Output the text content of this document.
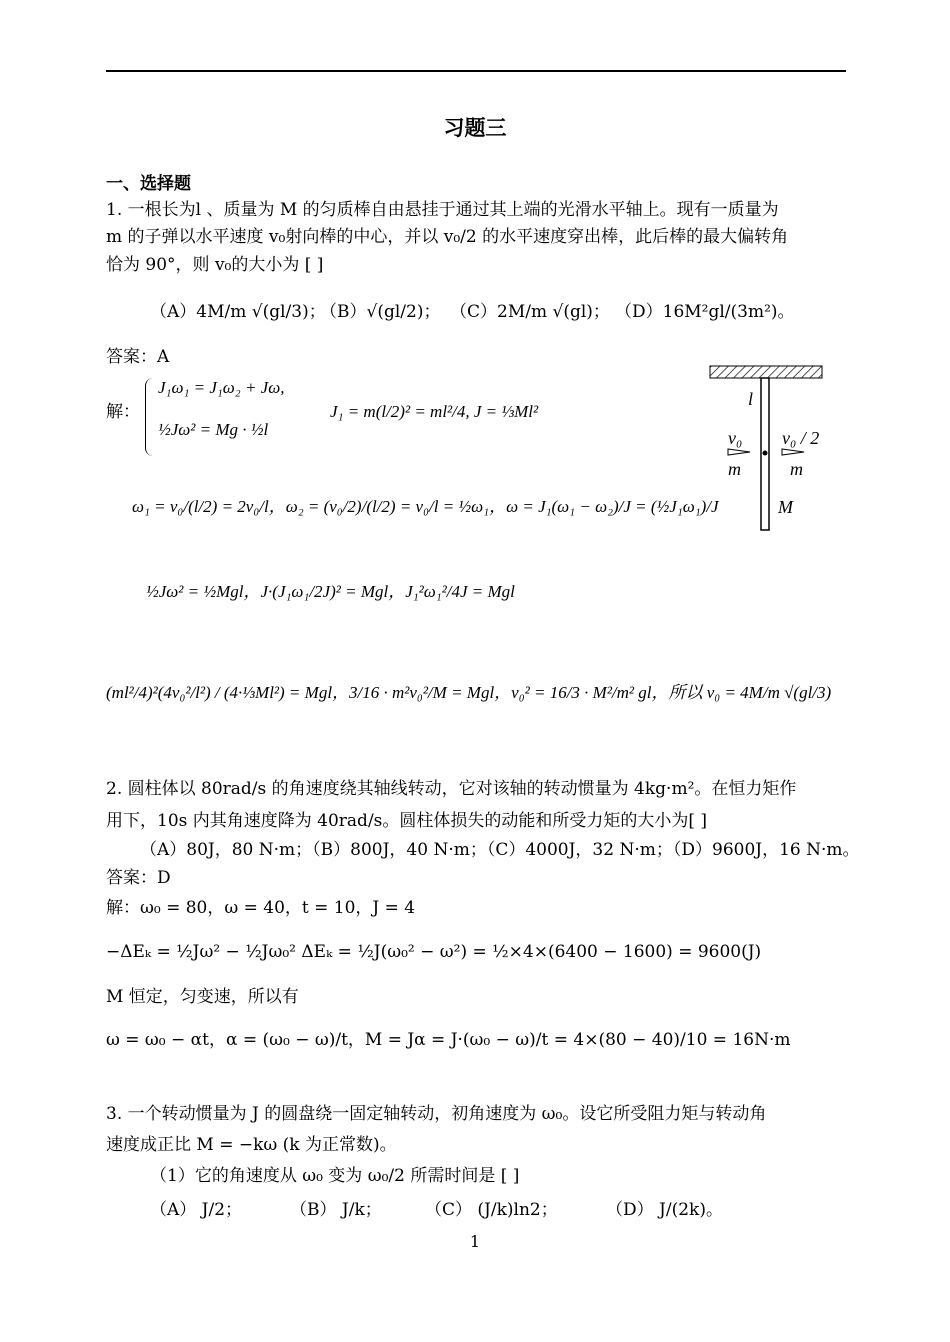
习题三
一、选择题
1. 一根长为l 、质量为 M 的匀质棒自由悬挂于通过其上端的光滑水平轴上。现有一质量为
m 的子弹以水平速度 v₀射向棒的中心，并以 v₀/2 的水平速度穿出棒，此后棒的最大偏转角
恰为 90°，则 v₀的大小为 [ ]
（A）4M/m √(gl/3)；
（B）√(gl/2)； （C）2M/m √(gl)； （D）16M²gl/(3m²)。
答案：A
解：
J₁ω₁ = J₁ω₂ + Jω,
½Jω² = Mg · ½l
J₁ = m(l/2)² = ml²/4, J = ⅓Ml²
ω₁ = v₀/(l/2) = 2v₀/l，ω₂ = (v₀/2)/(l/2) = v₀/l = ½ω₁，ω = J₁(ω₁ − ω₂)/J = (½J₁ω₁)/J
½Jω² = ½Mgl，J·(J₁ω₁/2J)² = Mgl，J₁²ω₁²/4J = Mgl
(ml²/4)²(4v₀²/l²) / (4·⅓Ml²) = Mgl，3/16 · m²v₀²/M = Mgl，v₀² = 16/3 · M²/m² gl，所以 v₀ = 4M/m √(gl/3)
l
v₀ v₀ / 2
m	m
M
2. 圆柱体以 80rad/s 的角速度绕其轴线转动，它对该轴的转动惯量为 4kg·m²。在恒力矩作
用下，10s 内其角速度降为 40rad/s。圆柱体损失的动能和所受力矩的大小为[ ]
（A）80J，80 N·m；（B）800J，40 N·m；（C）4000J，32 N·m；（D）9600J，16 N·m。
答案：D
解：ω₀ = 80，ω = 40，t = 10，J = 4
−ΔEₖ = ½Jω² − ½Jω₀² ΔEₖ = ½J(ω₀² − ω²) = ½×4×(6400 − 1600) = 9600(J)
M 恒定，匀变速，所以有
ω = ω₀ − αt，α = (ω₀ − ω)/t，M = Jα = J·(ω₀ − ω)/t = 4×(80 − 40)/10 = 16N·m
3. 一个转动惯量为 J 的圆盘绕一固定轴转动，初角速度为 ω₀。设它所受阻力矩与转动角
速度成正比 M = −kω (k 为正常数)。
（1）它的角速度从 ω₀ 变为 ω₀/2 所需时间是 [ ]
（A） J/2；	（B） J/k；	（C） (J/k)ln2；	（D） J/(2k)。
1
